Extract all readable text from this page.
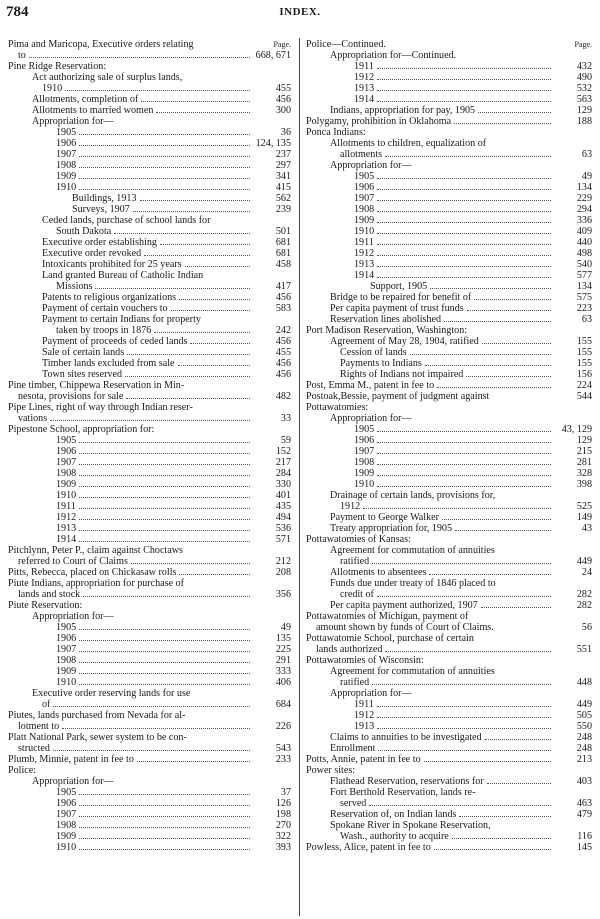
784	INDEX.
Pima and Maricopa, Executive orders relating	Page.
to	668, 671
Pine Ridge Reservation:
Act authorizing sale of surplus lands,
1910	455
Allotments, completion of	456
Allotments to married women	300
Appropriation for—
1905	36
1906	124, 135
1907	237
1908	297
1909	341
1910	415
Buildings, 1913	562
Surveys, 1907	239
Ceded lands, purchase of school lands for
South Dakota	501
Executive order establishing	681
Executive order revoked	681
Intoxicants prohibited for 25 years	458
Land granted Bureau of Catholic Indian
Missions	417
Patents to religious organizations	456
Payment of certain vouchers to	583
Payment to certain Indians for property
taken by troops in 1876	242
Payment of proceeds of ceded lands	456
Sale of certain lands	455
Timber lands excluded from sale	456
Town sites reserved	456
Pine timber, Chippewa Reservation in Min-
nesota, provisions for sale	482
Pipe Lines, right of way through Indian reser-
vations	33
Pipestone School, appropriation for:
1905	59
1906	152
1907	217
1908	284
1909	330
1910	401
1911	435
1912	494
1913	536
1914	571
Pitchlynn, Peter P., claim against Choctaws
referred to Court of Claims	212
Pitts, Rebecca, placed on Chickasaw rolls	208
Piute Indians, appropriation for purchase of
lands and stock	356
Piute Reservation:
Appropriation for—
1905	49
1906	135
1907	225
1908	291
1909	333
1910	406
Executive order reserving lands for use
of	684
Piutes, lands purchased from Nevada for al-
lotment to	226
Platt National Park, sewer system to be con-
structed	543
Plumb, Minnie, patent in fee to	233
Police:
Appropriation for—
1905	37
1906	126
1907	198
1908	270
1909	322
1910	393
Police—Continued.	Page.
Appropriation for—Continued.
1911	432
1912	490
1913	532
1914	563
Indians, appropriation for pay, 1905	129
Polygamy, prohibition in Oklahoma	188
Ponca Indians:
Allotments to children, equalization of
allotments	63
Appropriation for—
1905	49
1906	134
1907	229
1908	294
1909	336
1910	409
1911	440
1912	498
1913	540
1914	577
Support, 1905	134
Bridge to be repaired for benefit of	575
Per capita payment of trust funds	223
Reservation lines abolished	63
Port Madison Reservation, Washington:
Agreement of May 28, 1904, ratified	155
Cession of lands	155
Payments to Indians	155
Rights of Indians not impaired	156
Post, Emma M., patent in fee to	224
Postoak,Bessie, payment of judgment against	544
Pottawatomies:
Appropriation for—
1905	43, 129
1906	129
1907	215
1908	281
1909	328
1910	398
Drainage of certain lands, provisions for,
1912	525
Payment to George Walker	149
Treaty appropriation for, 1905	43
Pottawatomies of Kansas:
Agreement for commutation of annuities
ratified	449
Allotments to absentees	24
Funds due under treaty of 1846 placed to
credit of	282
Per capita payment authorized, 1907	282
Pottawatomies of Michigan, payment of
amount shown by funds of Court of Claims.	56
Pottawatomie School, purchase of certain
lands authorized	551
Pottawatomies of Wisconsin:
Agreement for commutation of annuities
ratified	448
Appropriation for—
1911	449
1912	505
1913	550
Claims to annuities to be investigated	248
Enrollment	248
Potts, Annie, patent in fee to	213
Power sites:
Flathead Reservation, reservations for	403
Fort Berthold Reservation, lands re-
served	463
Reservation of, on Indian lands	479
Spokane River in Spokane Reservation,
Wash., authority to acquire	116
Powless, Alice, patent in fee to	145
